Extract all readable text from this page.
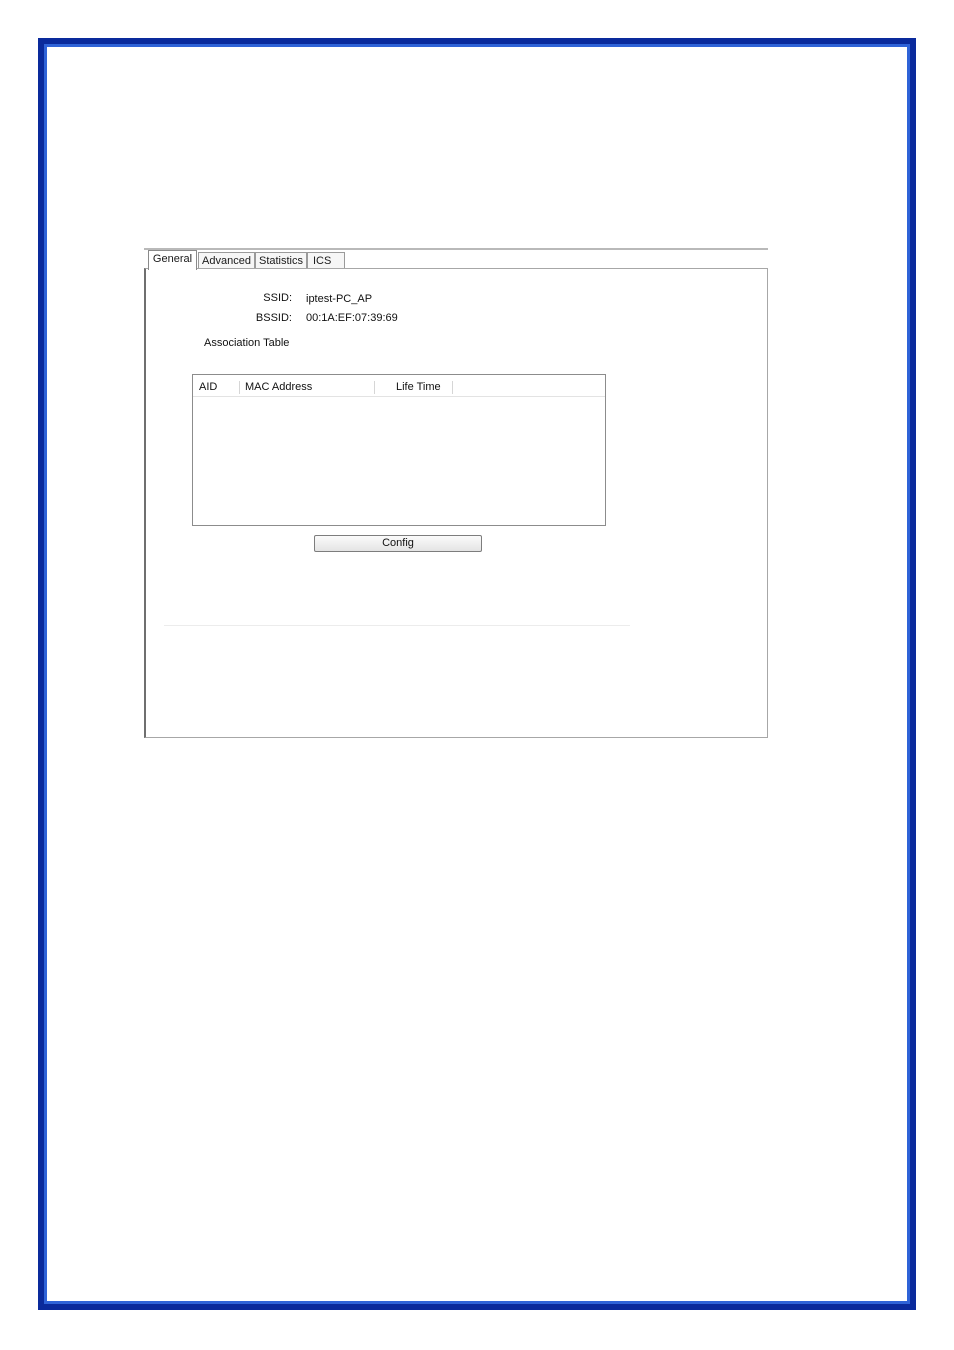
General Advanced Statistics ICS
SSID: iptest-PC_AP
BSSID: 00:1A:EF:07:39:69
Association Table
AID	MAC Address	Life Time
Config
